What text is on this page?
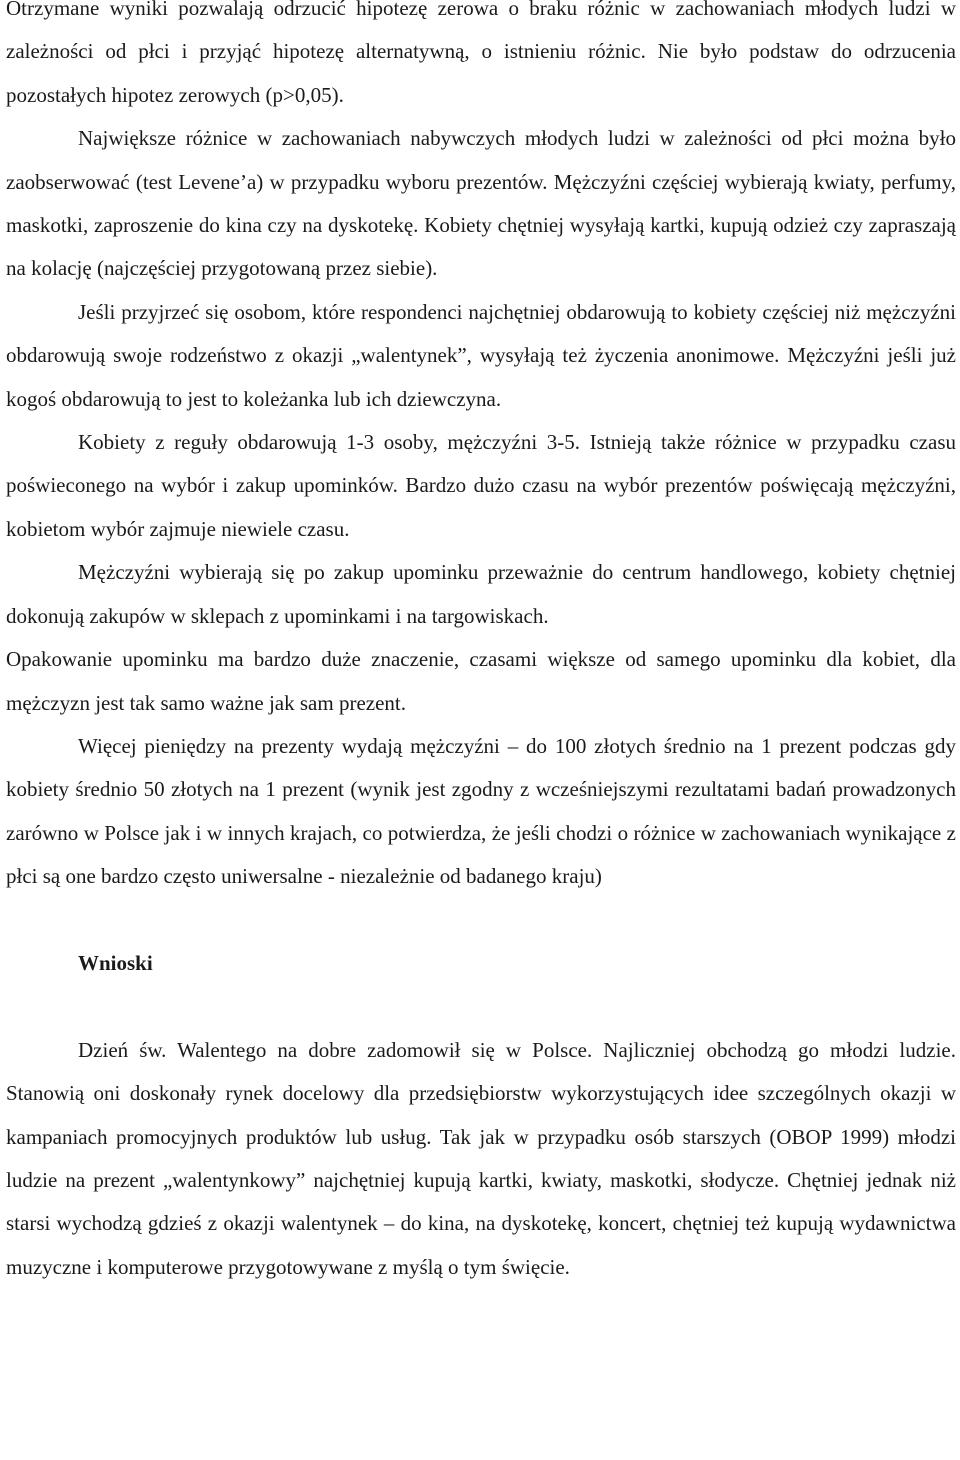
Otrzymane wyniki pozwalają odrzucić hipotezę zerowa o braku różnic w zachowaniach młodych ludzi w zależności od płci i przyjąć hipotezę alternatywną, o istnieniu różnic. Nie było podstaw do odrzucenia pozostałych hipotez zerowych (p>0,05).

Największe różnice w zachowaniach nabywczych młodych ludzi w zależności od płci można było zaobserwować (test Levene’a) w przypadku wyboru prezentów. Mężczyźni częściej wybierają kwiaty, perfumy, maskotki, zaproszenie do kina czy na dyskotekę. Kobiety chętniej wysyłają kartki, kupują odzież czy zapraszają na kolację (najczęściej przygotowaną przez siebie).

Jeśli przyjrzeć się osobom, które respondenci najchętniej obdarowują to kobiety częściej niż mężczyźni obdarowują swoje rodzeństwo z okazji „walentynek”, wysyłają też życzenia anonimowe. Mężczyźni jeśli już kogoś obdarowują to jest to koleżanka lub ich dziewczyna.

Kobiety z reguły obdarowują 1-3 osoby, mężczyźni 3-5. Istnieją także różnice w przypadku czasu poświeconego na wybór i zakup upominków. Bardzo dużo czasu na wybór prezentów poświęcają mężczyźni, kobietom wybór zajmuje niewiele czasu.

Mężczyźni wybierają się po zakup upominku przeważnie do centrum handlowego, kobiety chętniej dokonują zakupów w sklepach z upominkami i na targowiskach.

Opakowanie upominku ma bardzo duże znaczenie, czasami większe od samego upominku dla kobiet, dla mężczyzn jest tak samo ważne jak sam prezent.

Więcej pieniędzy na prezenty wydają mężczyźni – do 100 złotych średnio na 1 prezent podczas gdy kobiety średnio 50 złotych na 1 prezent (wynik jest zgodny z wcześniejszymi rezultatami badań prowadzonych zarówno w Polsce jak i w innych krajach, co potwierdza, że jeśli chodzi o różnice w zachowaniach wynikające z płci są one bardzo często uniwersalne - niezależnie od badanego kraju)

Wnioski

Dzień św. Walentego na dobre zadomowił się w Polsce. Najliczniej obchodzą go młodzi ludzie. Stanowią oni doskonały rynek docelowy dla przedsiębiorstw wykorzystujących idee szczególnych okazji w kampaniach promocyjnych produktów lub usług. Tak jak w przypadku osób starszych (OBOP 1999) młodzi ludzie na prezent „walentynkowy” najchętniej kupują kartki, kwiaty, maskotki, słodycze. Chętniej jednak niż starsi wychodzą gdzieś z okazji walentynek – do kina, na dyskotekę, koncert, chętniej też kupują wydawnictwa muzyczne i komputerowe przygotowywane z myślą o tym święcie.
